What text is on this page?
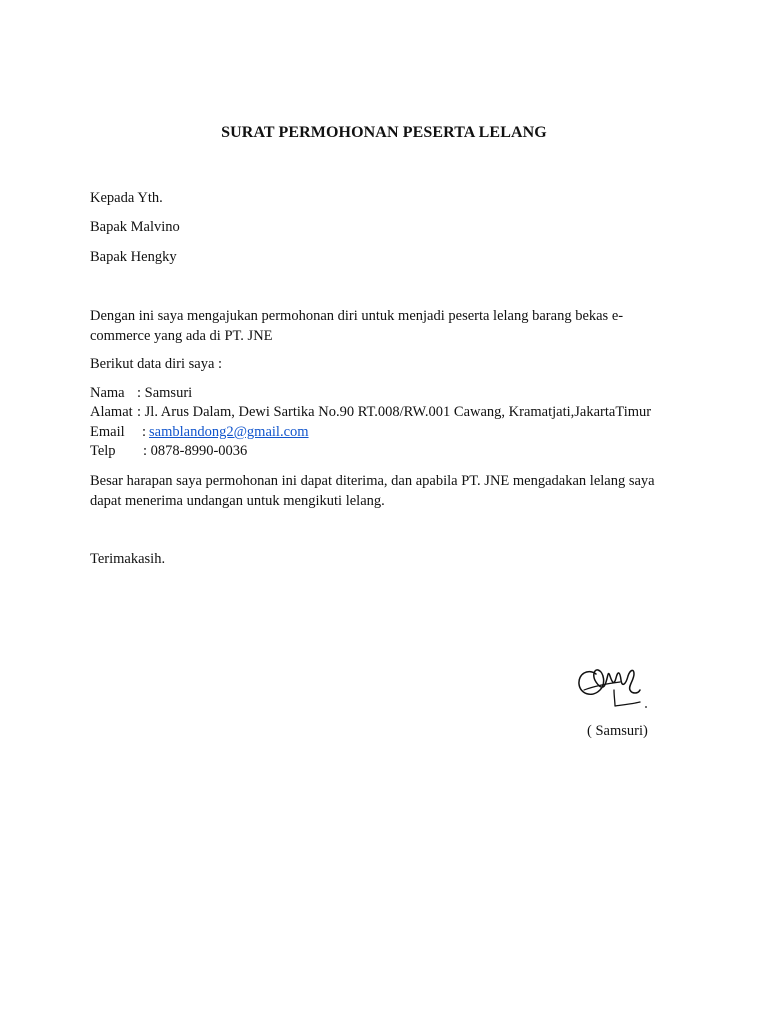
SURAT PERMOHONAN PESERTA LELANG
Kepada Yth.
Bapak Malvino
Bapak Hengky
Dengan ini saya mengajukan permohonan diri untuk menjadi peserta lelang barang bekas e-
commerce yang ada di PT. JNE
Berikut data diri saya :
Nama : Samsuri
Alamat : Jl. Arus Dalam, Dewi Sartika No.90 RT.008/RW.001 Cawang, Kramatjati,JakartaTimur
Email : samblandong2@gmail.com
Telp : 0878-8990-0036
Besar harapan saya permohonan ini dapat diterima, dan apabila PT. JNE mengadakan lelang saya
dapat menerima undangan untuk mengikuti lelang.
Terimakasih.
( Samsuri)
